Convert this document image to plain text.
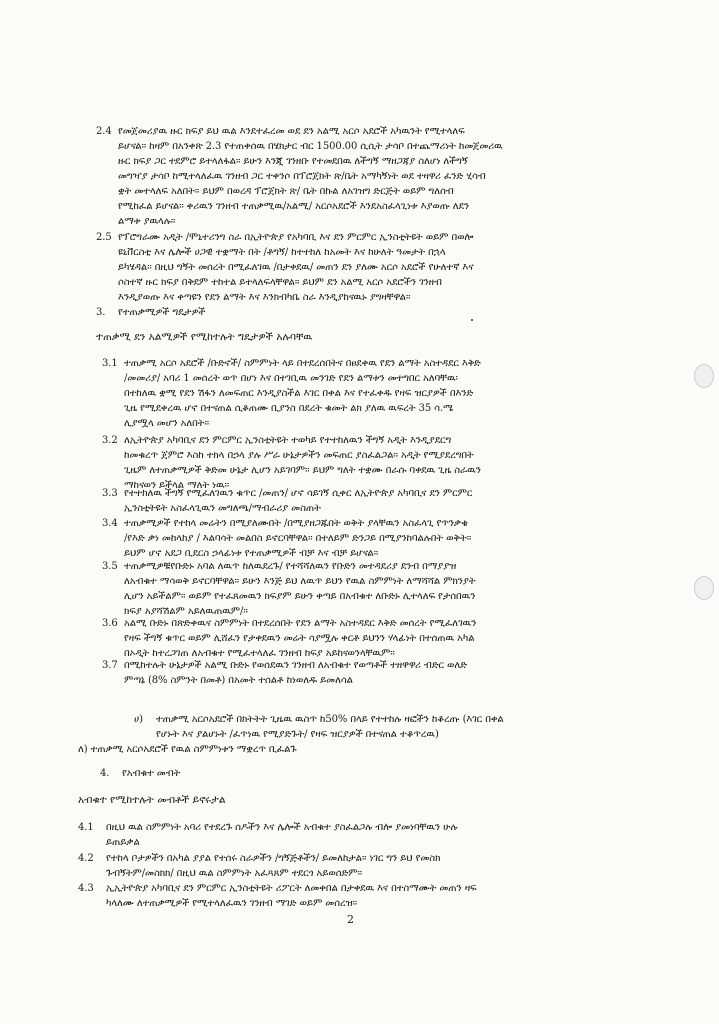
2.4 የመጀመሪያዉ ዙር ክፍያ ይህ ዉል እንደተፈረመ ወደ ደን አልሚ አርሶ አደሮች አካዉንት የሚተላለፍ
ይሆናል፡፡ ከዛም በአንቀጽ 2.3 የተጠቀሰዉ በሄክታር ብር 1500.00 ሲሲት ታሳቦ በተጨማሪነት ከመጀመሪዉ
ዙር ክፍያ ጋር ተደምሮ ይተላለፋል፡፡ ይሁን እንጂ ገንዘቡ የተመደበዉ ለችግኝ ማዘጋጃያ ስለሆነ ለችግኝ
መግዣያ ታሳቦ ከሚተላለፈዉ ገንዘብ ጋር ተቀንሶ በፕሮጀክት ጽ/ቤት አማካኝነት ወደ ተዛዋሪ ፈንድ ሂሳብ
ቋት መተላለፍ አለበት፡፡ ይህም በወረዳ ፕሮጀክት ጽ/ ቤት በኩል ለአገዝግ ድርጅት ወይም ግለሰብ
የሚከፈል ይሆናል፡፡ ቀሪዉን ገንዘብ ተጠቃሚዉ/አልሚ/ አርሶአደሮች እንደአስፈላጊነቱ እያወጡ ለደን
ልማቱ ያዉላሉ፡፡
2.5 የፕሮግራሙ አዲት /ሞኒተሪንግ ስራ በኢትዮጵያ የአካባቢ እና ደን ምርምር ኢንስቲትዩት ወይም በወሎ
ዩኒቨርስቲ እና ሌሎች ሀጋዊ ተቋማት በት /ቶግኝ/ ከተተከለ ከአመት እና ከሁለት ዓመታት በኋላ
ይካሄዳል፡፡ በዚህ ግኝት መሰረት በሚፈለገዉ /በታቀደዉ/ መጠን ደን ያለሙ አርሶ አደሮች የሁለተኛ እና
ሶስተኛ ዙር ክፍያ በቅደም ተከተል ይተላለፍላቸዋል፡፡ ይህም ደን አልሚ አርሶ አደሮችን ገንዘብ
እንዲያወጡ እና ቀጣዩን የደን ልማት እና እንክብካቤ ስራ እንዲያከናዉኑ ያግዛቸዋል፡፡
3. የተጠቃሚዎች ግዴታዎች
ተጠቃሚ ደን አልሚዎች የሚከተሉት ግዴታዎች አሉባቸዉ
3.1 ተጠቃሚ አርሶ አደሮች /ቡድኖች/ ስምምነት ላይ በተደረሰበትና በፀደቀዉ የደን ልማት አስተዳደር እቅድ
/መመሪያ/ አባሪ 1 መሰረት ወጥ በሆነ እና በተገቢዉ መንገድ የደን ልማቱን መተግበር አለባቸዉ፡
በተከለዉ ቋሚ የደን ሽፋን ለመፍጠር እንዲያስችል እገር በቀል እና የተፈቀዱ የዛፍ ዝርያዎች በእንድ
ጊዜ የሚደቀረዉ ሆኖ በተናጠል ሲቆጠሙ ቢያንስ በደረት ቁመት ልክ ያለዉ ዉፍረት 35 ሳ.ሜ
ሊያሟላ መሆን አለበት፡፡
3.2 ለኢትዮጵያ አካባቢና ደን ምርምር ኢንስቲትዩት ተወካይ የተተከለዉን ችግኝ አዲት እንዲያደርግ
ከመቁረጥ ጀምሮ እስከ ተክላ በኃላ ያሉ ሥራ ሁኔታዎችን መፍጠር ያስፈልጋል፡፡ አዲት የሚያደረግበት
ጊዜም ለተጠቃሚዎች ቅድመ ሁኔታ ሊሆን አይገባም፡፡ ይህም ግለት ተቋሙ በራሱ ባቀደዉ ጊዜ ስራዉን
ማከናወን ይችላል ማለት ነዉ፡፡
3.3 የተተከለዉ ችግኝ የሚፈለገዉን ቁጥር /መጠን/ ሆኖ ሳይገኝ ሲቀር ለኢትዮጵያ አካባቢና ደን ምርምር
ኢንስቲትዩት አስፈላጊዉን መግለጫ/ማብራሪያ መስጠት
3.4 ተጠቃሚዎች የተከላ መሬትን በሚያለሙበት /በሚያዘጋጁበት ወቅት ያላቸዉን አስፈላጊ የጥንቃቄ
/የእድ ቃነ መከላከያ / እልባሳት መልበስ ይኖርባቸዋል፡፡ በተለይም ድንጋይ በሚያንከባልሉበት ወቅት፡፡
ይህም ሆኖ አደጋ ቢደርስ ኃላፊነቱ የተጠቃሚዎች ብቻ እና ብቻ ይሆናል፡፡
3.5 ተጠቃሚዎቹየቡድኑ አባል ለዉጥ ከለዉደረጉ/ የተሻሻለዉን የቡድን መተዳደሪያ ደንብ በማያያዝ
ለአብቁተ ማሳወቅ ይኖርባቸዋል፡፡ ይሁን እንጅ ይህ ለዉጥ ይህን የዉል ስምምነት ለማሻሻል ምክንያት
ሊሆን አይችልም፡፡ ወይም የተፈጸመዉን ክፍያም ይሁን ቀጣይ በአብቁተ ለቡድኑ ሊተላለፍ የታሰበዉን
ክፍያ አያሻሽልም አይለዉጠዉም/፡፡
3.6 አልሚ ቡድኑ በጽድቀዉና ስምምነት በተደረሰበት የደን ልማት አስተዳደር እቅድ መሰረት የሚፈለገዉን
የዛፍ ችግኝ ቁጥር ወይም ሊሸፈን የታቀደዉን መሬት ሳያሟሉ ቀርቶ ይህንን ሃላፊነት በተሰጠዉ አካል
በኦዲት ከተረጋገጠ ለአብቁተ የሚፈተላለፈ ገንዘብ ከፍያ አይከናወንላቸዉም፡፡
3.7 በሚከተሉት ሁኔታዎች አልሚ ቡድኑ የወሰደዉን ገንዘብ ለአብቁተ የወጣቶች ተዘዋዋሪ ብድር ወለድ
ምጣኔ (8% ስምንት በመቶ) በአመት ተሰልቶ ከነወለዱ ይመለሳል
ሀ) ተጠቃሚ አርሶአደሮች በክትትት ጊዜዉ ዉስጥ ከ50% በላይ የተተከሉ ዛፎችን ከቆረጡ (እገር በቀል
የሆኑት እና ያልሆኑት /ፈጥነዉ የሚያድጉት/ የዛፍ ዝርያዎች በተናጠል ተቆጥረዉ)
ለ) ተጠቃሚ አርሶአደሮች የዉል ስምምነቱን ማቋረጥ ቢፈልጉ
4. የአብቁተ መብት
አብቁተ የሚከተሉት መብቶች ይኖሩታል
4.1 በዚህ ዉል ስምምነት አባሪ የተደረጉ ሰዶችን እና ሌሎች አብቁተ ያስፈልጋሉ ብሎ ያመነባቸዉን ሁሉ
ይጠይቃል
4.2 የተከላ ቦታዎችን በአካል ያያል የተሰሩ ስራዎችን /ግኝጅቶችን/ ይመለከታል፡፡ ነገር ግን ይህ የመስክ
ጉብኝትም/መስክክ/ በዚህ ዉል ስምምነት አፈጻጸም ተደርጎ አይወሰድም፡፡
4.3 ኢኢትዮጵያ አካባቢና ደን ምርምር ኢንስቲትዩት ሪፖርት ለመቀበል በታቀደዉ እና በተስማሙት መጠን ዛፍ
ካላለሙ ለተጠቃሚዎች የሚተላለፈዉን ገንዘብ ማገድ ወይም መሰረዝ፡፡
2
